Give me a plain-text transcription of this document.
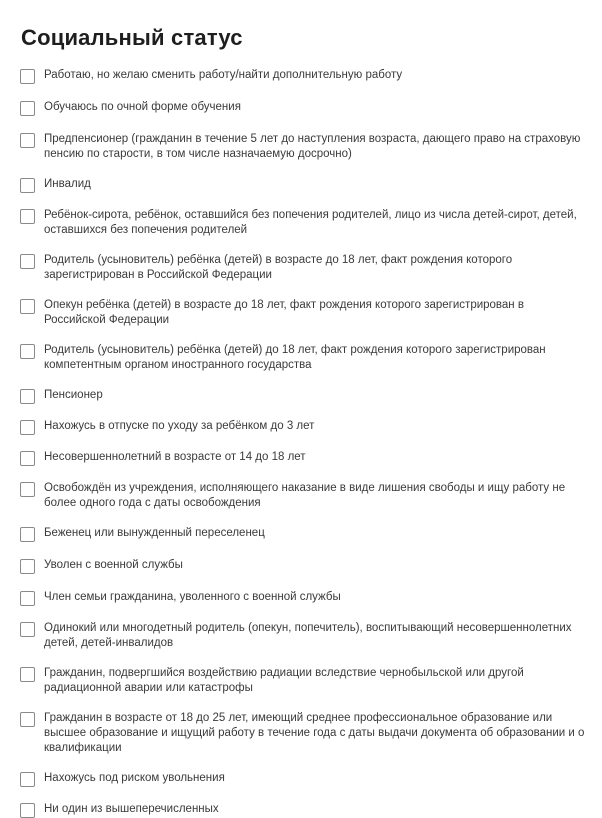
Социальный статус
Работаю, но желаю сменить работу/найти дополнительную работу
Обучаюсь по очной форме обучения
Предпенсионер (гражданин в течение 5 лет до наступления возраста, дающего право на страховую пенсию по старости, в том числе назначаемую досрочно)
Инвалид
Ребёнок-сирота, ребёнок, оставшийся без попечения родителей, лицо из числа детей-сирот, детей, оставшихся без попечения родителей
Родитель (усыновитель) ребёнка (детей) в возрасте до 18 лет, факт рождения которого зарегистрирован в Российской Федерации
Опекун ребёнка (детей) в возрасте до 18 лет, факт рождения которого зарегистрирован в Российской Федерации
Родитель (усыновитель) ребёнка (детей) до 18 лет, факт рождения которого зарегистрирован компетентным органом иностранного государства
Пенсионер
Нахожусь в отпуске по уходу за ребёнком до 3 лет
Несовершеннолетний в возрасте от 14 до 18 лет
Освобождён из учреждения, исполняющего наказание в виде лишения свободы и ищу работу не более одного года с даты освобождения
Беженец или вынужденный переселенец
Уволен с военной службы
Член семьи гражданина, уволенного с военной службы
Одинокий или многодетный родитель (опекун, попечитель), воспитывающий несовершеннолетних детей, детей-инвалидов
Гражданин, подвергшийся воздействию радиации вследствие чернобыльской или другой радиационной аварии или катастрофы
Гражданин в возрасте от 18 до 25 лет, имеющий среднее профессиональное образование или высшее образование и ищущий работу в течение года с даты выдачи документа об образовании и о квалификации
Нахожусь под риском увольнения
Ни один из вышеперечисленных
